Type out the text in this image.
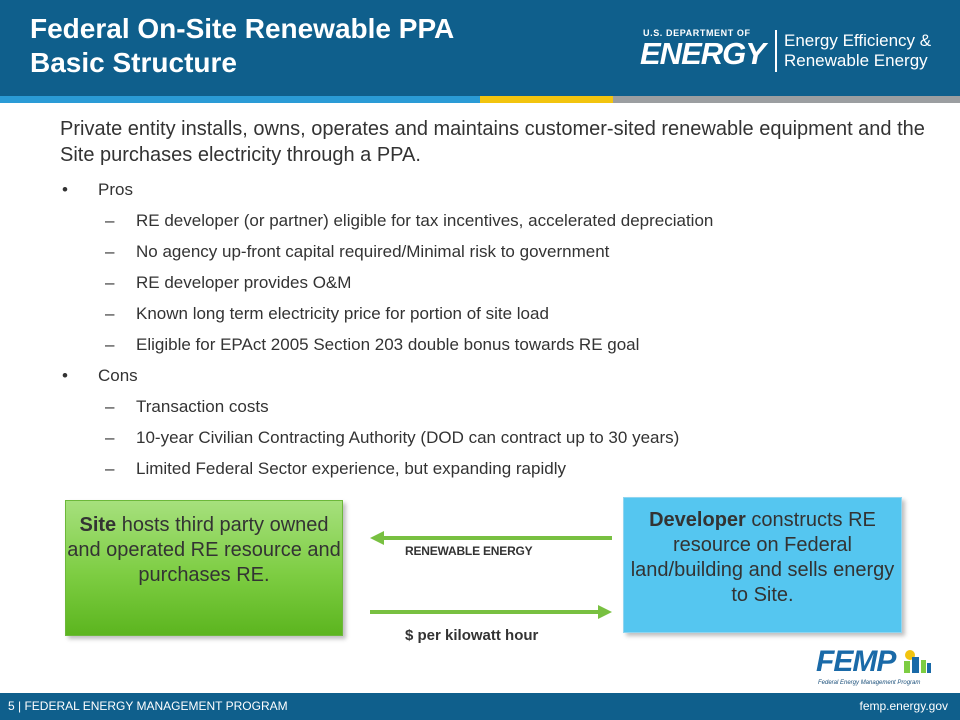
Federal On-Site Renewable PPA
Basic Structure
U.S. DEPARTMENT OF
ENERGY Energy Efficiency &
Renewable Energy
Private entity installs, owns, operates and maintains customer-sited renewable equipment and the Site purchases electricity through a PPA.
• Pros
– RE developer (or partner) eligible for tax incentives, accelerated depreciation
– No agency up-front capital required/Minimal risk to government
– RE developer provides O&M
– Known long term electricity price for portion of site load
– Eligible for EPAct 2005 Section 203 double bonus towards RE goal
• Cons
– Transaction costs
– 10-year Civilian Contracting Authority (DOD can contract up to 30 years)
– Limited Federal Sector experience, but expanding rapidly
Site hosts third party owned and operated RE resource and purchases RE.
Developer constructs RE resource on Federal land/building and sells energy to Site.
RENEWABLE ENERGY
$ per kilowatt hour
FEMP
Federal Energy Management Program
5 | FEDERAL ENERGY MANAGEMENT PROGRAM	femp.energy.gov
